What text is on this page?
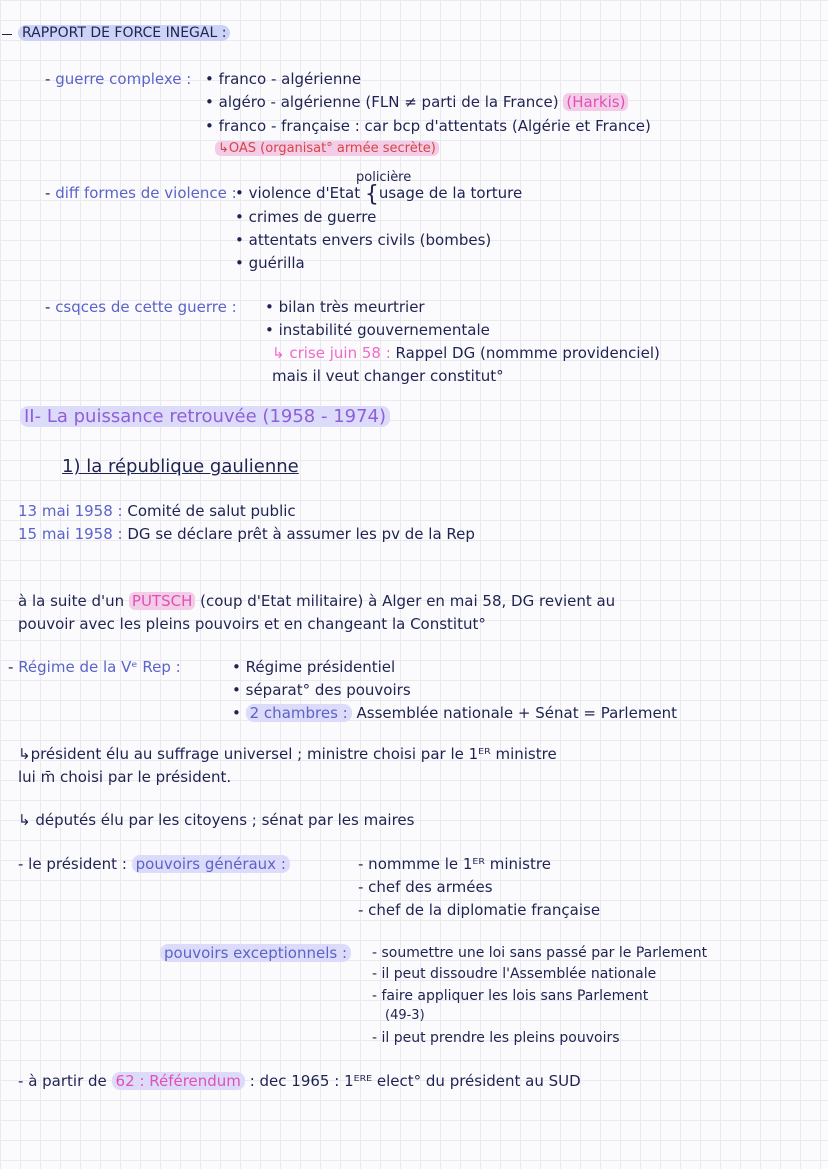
RAPPORT DE FORCE INEGAL :
- guerre complexe :	• franco - algérienne
• algéro - algérienne (FLN ≠ parti de la France) (Harkis)
• franco - française : car bcp d'attentats (Algérie et France)
↳OAS (organisat° armée secrète)
policière
- diff formes de violence : • violence d'Etat {usage de la torture
• crimes de guerre
• attentats envers civils (bombes)
• guérilla
- csqces de cette guerre :	• bilan très meurtrier
• instabilité gouvernementale
↳ crise juin 58 : Rappel DG (nommme providenciel)
mais il veut changer constitut°
II- La puissance retrouvée (1958 - 1974)
1) la république gaulienne
13 mai 1958 : Comité de salut public
15 mai 1958 : DG se déclare prêt à assumer les pv de la Rep
à la suite d'un PUTSCH (coup d'Etat militaire) à Alger en mai 58, DG revient au
pouvoir avec les pleins pouvoirs et en changeant la Constitut°
- Régime de la Vᵉ Rep :	• Régime présidentiel
• séparat° des pouvoirs
• 2 chambres : Assemblée nationale + Sénat = Parlement
↳président élu au suffrage universel ; ministre choisi par le 1ᴱᴿ ministre
lui m̄ choisi par le président.
↳ députés élu par les citoyens ; sénat par les maires
- le président : pouvoirs généraux :	- nommme le 1ᴱᴿ ministre
- chef des armées
- chef de la diplomatie française
pouvoirs exceptionnels : - soumettre une loi sans passé par le Parlement
- il peut dissoudre l'Assemblée nationale
- faire appliquer les lois sans Parlement
(49-3)
- il peut prendre les pleins pouvoirs
- à partir de 62 : Référendum : dec 1965 : 1ᴱᴿᴱ elect° du président au SUD
